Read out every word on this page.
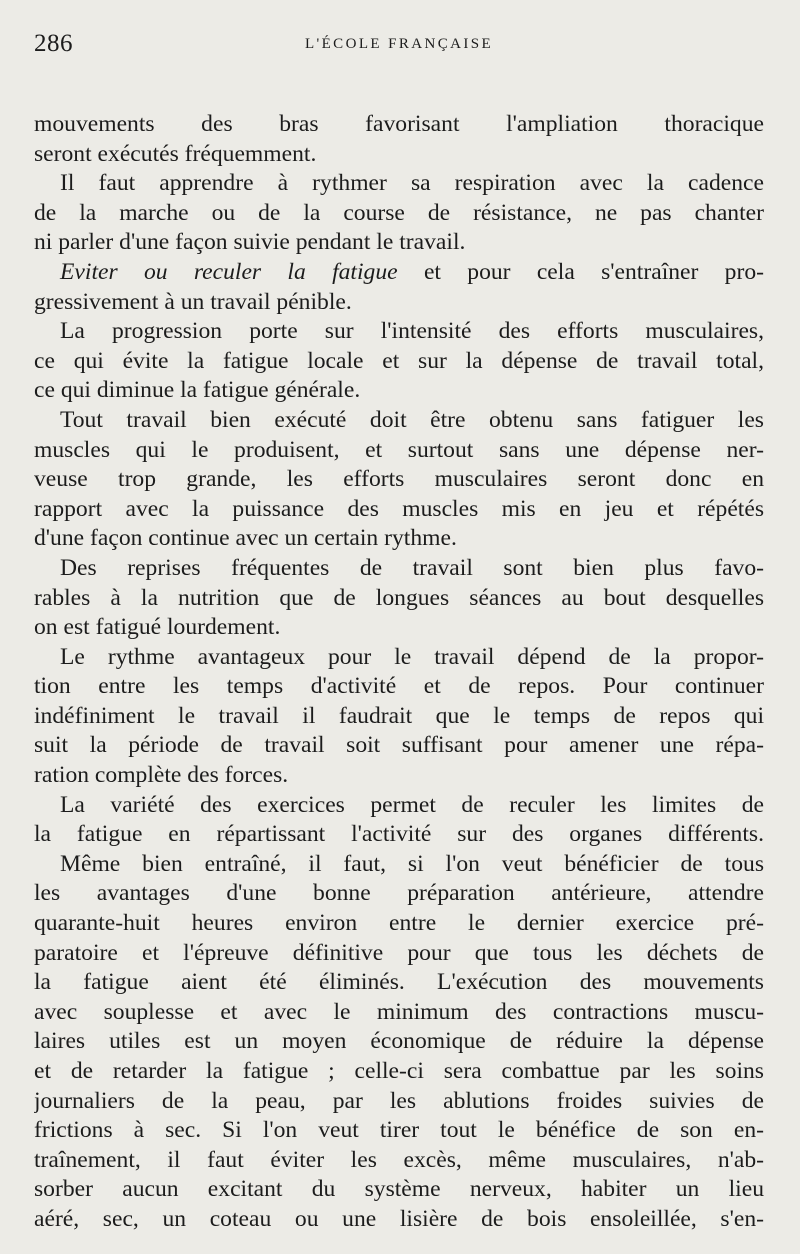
286	L'ÉCOLE FRANÇAISE
mouvements des bras favorisant l'ampliation thoracique
seront exécutés fréquemment.
Il faut apprendre à rythmer sa respiration avec la cadence
de la marche ou de la course de résistance, ne pas chanter
ni parler d'une façon suivie pendant le travail.
Eviter ou reculer la fatigue et pour cela s'entraîner pro-
gressivement à un travail pénible.
La progression porte sur l'intensité des efforts musculaires,
ce qui évite la fatigue locale et sur la dépense de travail total,
ce qui diminue la fatigue générale.
Tout travail bien exécuté doit être obtenu sans fatiguer les
muscles qui le produisent, et surtout sans une dépense ner-
veuse trop grande, les efforts musculaires seront donc en
rapport avec la puissance des muscles mis en jeu et répétés
d'une façon continue avec un certain rythme.
Des reprises fréquentes de travail sont bien plus favo-
rables à la nutrition que de longues séances au bout desquelles
on est fatigué lourdement.
Le rythme avantageux pour le travail dépend de la propor-
tion entre les temps d'activité et de repos. Pour continuer
indéfiniment le travail il faudrait que le temps de repos qui
suit la période de travail soit suffisant pour amener une répa-
ration complète des forces.
La variété des exercices permet de reculer les limites de
la fatigue en répartissant l'activité sur des organes différents.
Même bien entraîné, il faut, si l'on veut bénéficier de tous
les avantages d'une bonne préparation antérieure, attendre
quarante-huit heures environ entre le dernier exercice pré-
paratoire et l'épreuve définitive pour que tous les déchets de
la fatigue aient été éliminés. L'exécution des mouvements
avec souplesse et avec le minimum des contractions muscu-
laires utiles est un moyen économique de réduire la dépense
et de retarder la fatigue ; celle-ci sera combattue par les soins
journaliers de la peau, par les ablutions froides suivies de
frictions à sec. Si l'on veut tirer tout le bénéfice de son en-
traînement, il faut éviter les excès, même musculaires, n'ab-
sorber aucun excitant du système nerveux, habiter un lieu
aéré, sec, un coteau ou une lisière de bois ensoleillée, s'en-
